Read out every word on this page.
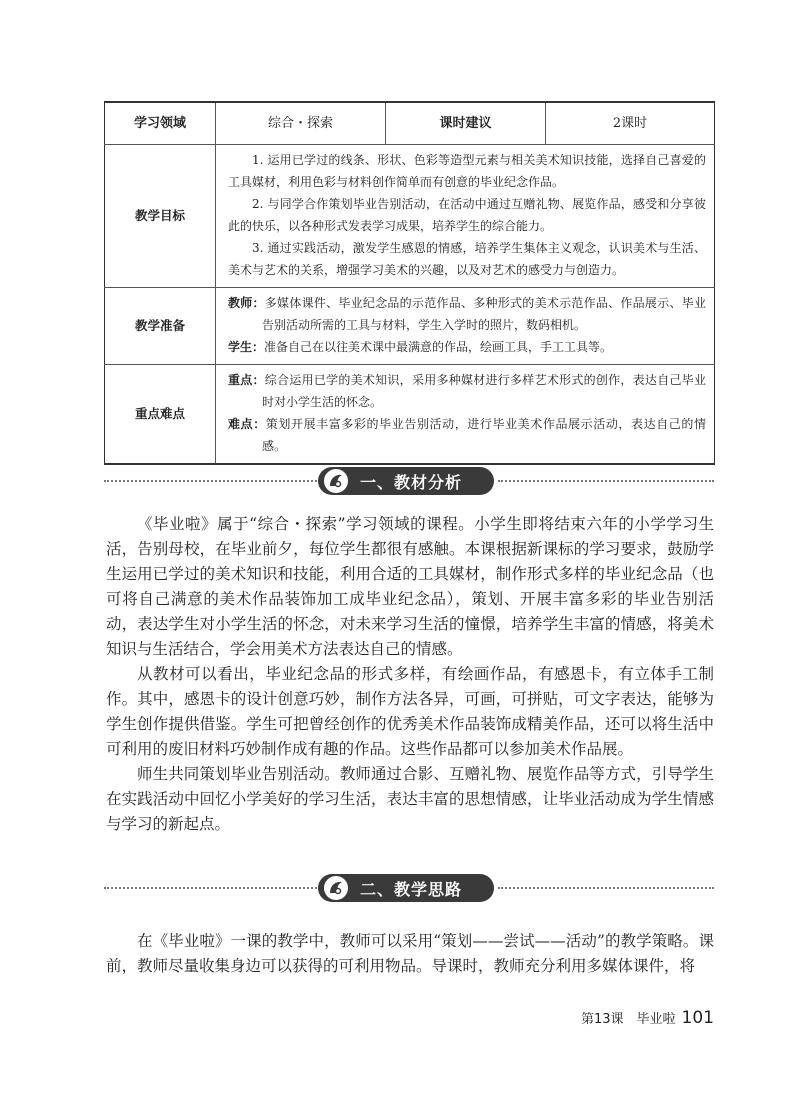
学习领域	综合・探索	课时建议	2课时
教学目标	1. 运用已学过的线条、形状、色彩等造型元素与相关美术知识技能，选择自己喜爱的工具媒材，利用色彩与材料创作简单而有创意的毕业纪念作品。

2. 与同学合作策划毕业告别活动，在活动中通过互赠礼物、展览作品，感受和分享彼此的快乐，以各种形式发表学习成果，培养学生的综合能力。

3. 通过实践活动，激发学生感恩的情感，培养学生集体主义观念，认识美术与生活、美术与艺术的关系，增强学习美术的兴趣，以及对艺术的感受力与创造力。		

教学准备	教师：多媒体课件、毕业纪念品的示范作品、多种形式的美术示范作品、作品展示、毕业告别活动所需的工具与材料，学生入学时的照片，数码相机。

学生：准备自己在以往美术课中最满意的作品，绘画工具，手工工具等。		

重点难点	重点：综合运用已学的美术知识，采用多种媒材进行多样艺术形式的创作，表达自己毕业时对小学生活的怀念。

难点：策划开展丰富多彩的毕业告别活动，进行毕业美术作品展示活动，表达自己的情感。		

一、教材分析

《毕业啦》属于“综合・探索”学习领域的课程。小学生即将结束六年的小学学习生活，告别母校，在毕业前夕，每位学生都很有感触。本课根据新课标的学习要求，鼓励学生运用已学过的美术知识和技能，利用合适的工具媒材，制作形式多样的毕业纪念品（也可将自己满意的美术作品装饰加工成毕业纪念品），策划、开展丰富多彩的毕业告别活动，表达学生对小学生活的怀念，对未来学习生活的憧憬，培养学生丰富的情感，将美术知识与生活结合，学会用美术方法表达自己的情感。

从教材可以看出，毕业纪念品的形式多样，有绘画作品，有感恩卡，有立体手工制作。其中，感恩卡的设计创意巧妙，制作方法各异，可画，可拼贴，可文字表达，能够为学生创作提供借鉴。学生可把曾经创作的优秀美术作品装饰成精美作品，还可以将生活中可利用的废旧材料巧妙制作成有趣的作品。这些作品都可以参加美术作品展。

师生共同策划毕业告别活动。教师通过合影、互赠礼物、展览作品等方式，引导学生在实践活动中回忆小学美好的学习生活，表达丰富的思想情感，让毕业活动成为学生情感与学习的新起点。

二、教学思路

在《毕业啦》一课的教学中，教师可以采用“策划——尝试——活动”的教学策略。课前，教师尽量收集身边可以获得的可利用物品。导课时，教师充分利用多媒体课件，将

第13课　毕业啦 101
